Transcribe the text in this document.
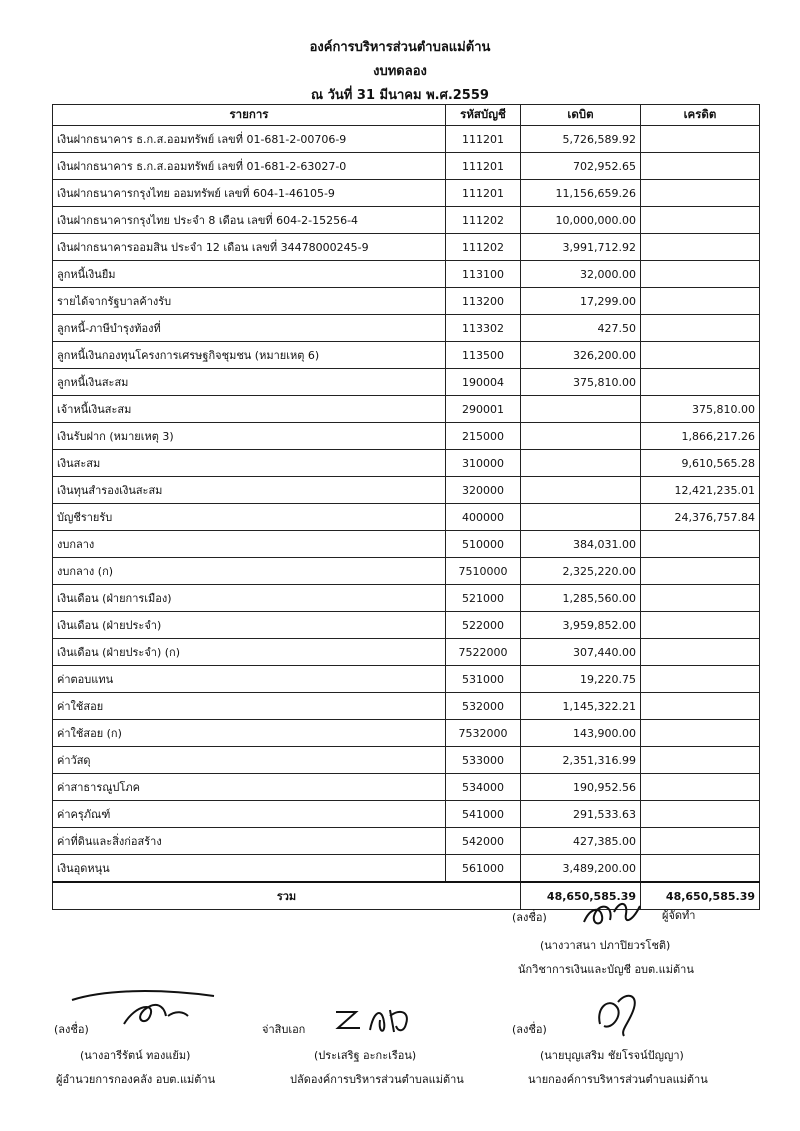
องค์การบริหารส่วนตำบลแม่ต้าน
งบทดลอง
ณ วันที่ 31 มีนาคม พ.ศ.2559
รายการ	รหัสบัญชี	เดบิต	เครดิต
เงินฝากธนาคาร ธ.ก.ส.ออมทรัพย์ เลขที่ 01-681-2-00706-9	111201	5,726,589.92	
เงินฝากธนาคาร ธ.ก.ส.ออมทรัพย์ เลขที่ 01-681-2-63027-0	111201	702,952.65	
เงินฝากธนาคารกรุงไทย ออมทรัพย์ เลขที่ 604-1-46105-9	111201	11,156,659.26	
เงินฝากธนาคารกรุงไทย ประจำ 8 เดือน เลขที่ 604-2-15256-4	111202	10,000,000.00	
เงินฝากธนาคารออมสิน ประจำ 12 เดือน เลขที่ 34478000245-9	111202	3,991,712.92	
ลูกหนี้เงินยืม	113100	32,000.00	
รายได้จากรัฐบาลค้างรับ	113200	17,299.00	
ลูกหนี้-ภาษีบำรุงท้องที่	113302	427.50	
ลูกหนี้เงินกองทุนโครงการเศรษฐกิจชุมชน (หมายเหตุ 6)	113500	326,200.00	
ลูกหนี้เงินสะสม	190004	375,810.00	
เจ้าหนี้เงินสะสม	290001		375,810.00
เงินรับฝาก (หมายเหตุ 3)	215000		1,866,217.26
เงินสะสม	310000		9,610,565.28
เงินทุนสำรองเงินสะสม	320000		12,421,235.01
บัญชีรายรับ	400000		24,376,757.84
งบกลาง	510000	384,031.00	
งบกลาง (ก)	7510000	2,325,220.00	
เงินเดือน (ฝ่ายการเมือง)	521000	1,285,560.00	
เงินเดือน (ฝ่ายประจำ)	522000	3,959,852.00	
เงินเดือน (ฝ่ายประจำ) (ก)	7522000	307,440.00	
ค่าตอบแทน	531000	19,220.75	
ค่าใช้สอย	532000	1,145,322.21	
ค่าใช้สอย (ก)	7532000	143,900.00	
ค่าวัสดุ	533000	2,351,316.99	
ค่าสาธารณูปโภค	534000	190,952.56	
ค่าครุภัณฑ์	541000	291,533.63	
ค่าที่ดินและสิ่งก่อสร้าง	542000	427,385.00	
เงินอุดหนุน	561000	3,489,200.00	
รวม		48,650,585.39	48,650,585.39
(ลงชื่อ)	ผู้จัดทำ
(นางวาสนา ปภาปิยวรโชติ)
นักวิชาการเงินและบัญชี อบต.แม่ต้าน
(ลงชื่อ)
(นางอารีรัตน์ ทองแย้ม)
ผู้อำนวยการกองคลัง อบต.แม่ต้าน
จ่าสิบเอก
(ประเสริฐ อะกะเรือน)
ปลัดองค์การบริหารส่วนตำบลแม่ต้าน
(ลงชื่อ)
(นายบุญเสริม ชัยโรจน์ปัญญา)
นายกองค์การบริหารส่วนตำบลแม่ต้าน
